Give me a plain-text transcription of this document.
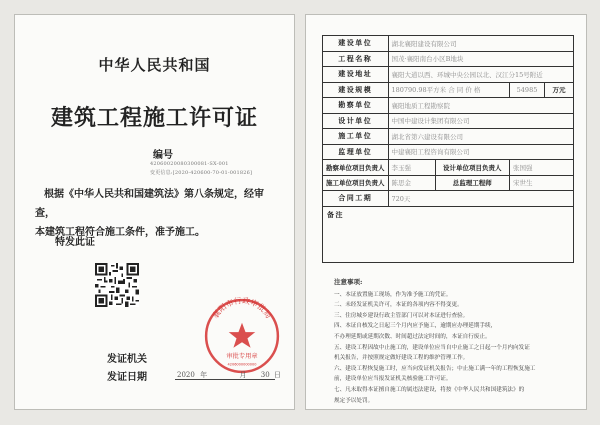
中华人民共和国
建筑工程施工许可证
编号
42060020080300081-SX-001
变更信息:[2020-420600-70-01-001826]

根据《中华人民共和国建筑法》第八条规定，经审查，

本建筑工程符合施工条件，准予施工。

特发此证
襄阳市行政审批局
审批专用章
4206000000000
发证机关
发证日期	2020 年	月 30 日
建设单位	湖北襄阳建设有限公司			
工程名称	国茂·襄阳南台小区B地块			
建设地址	襄阳大道以西、环城中央公园以北、汉江分15号附近			
建设规模	180790.98平方米 合 同 价 格		54985	万元
勘察单位	襄阳地质工程勘察院			
设计单位	中国中建设计集团有限公司			
施工单位	湖北省第六建设有限公司			
监理单位	中建襄阳工程咨询有限公司			
勘察单位项目负责人	李玉强	设计单位项目负责人	张国强	
施工单位项目负责人	陈思金	总监理工程师	宋世生	
合同工期	720天			
备注				
注意事项:
一、本证放置施工现场，作为准予施工的凭证。
二、未经发证机关许可，本证的各项内容不得变更。
三、住房城乡建设行政主管部门可以对本证进行查验。
四、本证自核发之日起三个月内应予施工，逾期应办理延期手续，
不办理延期或延期次数、时间超过法定时间的，本证自行废止。
五、建设工程因故中止施工的，建设单位应当自中止施工之日起一个月内向发证
机关报告，并按照规定做好建设工程的维护管理工作。
六、建设工程恢复施工时，应当向发证机关报告；中止施工满一年的工程恢复施工
前，建设单位应当报发证机关核验施工许可证。
七、凡未取得本证擅自施工的属违法建设，将按《中华人民共和国建筑法》的
规定予以处罚。
